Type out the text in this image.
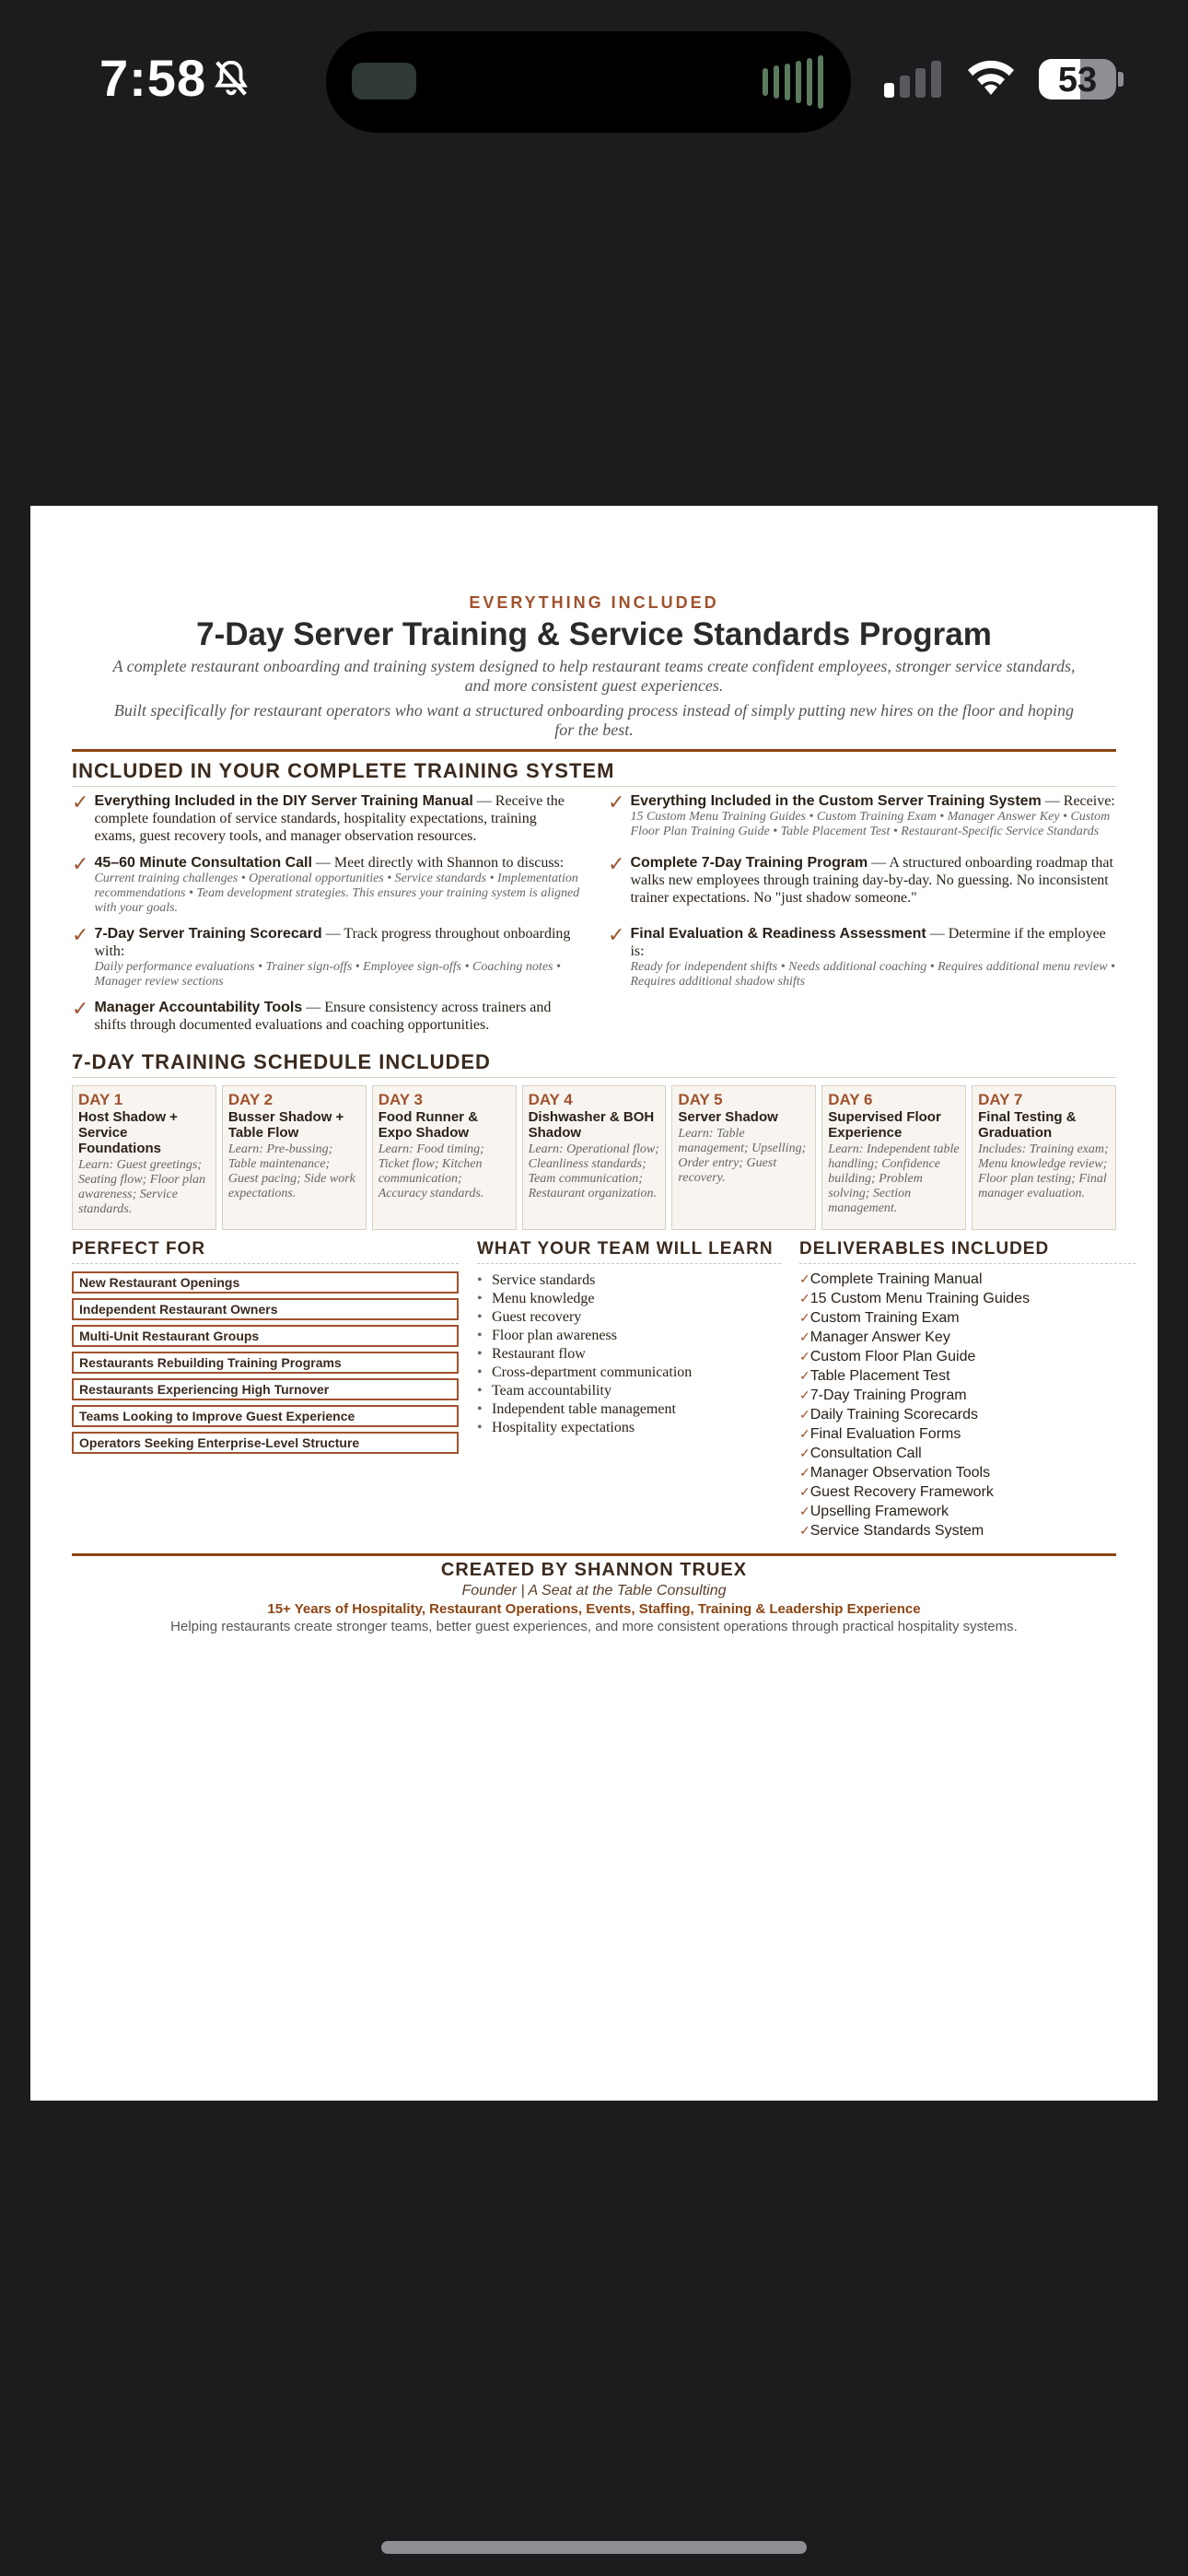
7:58	53
EVERYTHING INCLUDED
7-Day Server Training & Service Standards Program
A complete restaurant onboarding and training system designed to help restaurant teams create confident employees, stronger service standards, and more consistent guest experiences.
Built specifically for restaurant operators who want a structured onboarding process instead of simply putting new hires on the floor and hoping for the best.
INCLUDED IN YOUR COMPLETE TRAINING SYSTEM
✓ Everything Included in the DIY Server Training Manual — Receive the complete foundation of service standards, hospitality expectations, training exams, guest recovery tools, and manager observation resources.
✓ Everything Included in the Custom Server Training System — Receive:
15 Custom Menu Training Guides • Custom Training Exam • Manager Answer Key • Custom Floor Plan Training Guide • Table Placement Test • Restaurant-Specific Service Standards
✓ 45–60 Minute Consultation Call — Meet directly with Shannon to discuss:
Current training challenges • Operational opportunities • Service standards • Implementation recommendations • Team development strategies. This ensures your training system is aligned with your goals.
✓ Complete 7-Day Training Program — A structured onboarding roadmap that walks new employees through training day-by-day. No guessing. No inconsistent trainer expectations. No "just shadow someone."
✓ 7-Day Server Training Scorecard — Track progress throughout onboarding with:
Daily performance evaluations • Trainer sign-offs • Employee sign-offs • Coaching notes • Manager review sections
✓ Final Evaluation & Readiness Assessment — Determine if the employee is:
Ready for independent shifts • Needs additional coaching • Requires additional menu review • Requires additional shadow shifts
✓ Manager Accountability Tools — Ensure consistency across trainers and shifts through documented evaluations and coaching opportunities.
7-DAY TRAINING SCHEDULE INCLUDED
DAY 1
Host Shadow + Service Foundations
Learn: Guest greetings; Seating flow; Floor plan awareness; Service standards.
DAY 2
Busser Shadow + Table Flow
Learn: Pre-bussing; Table maintenance; Guest pacing; Side work expectations.
DAY 3
Food Runner & Expo Shadow
Learn: Food timing; Ticket flow; Kitchen communication; Accuracy standards.
DAY 4
Dishwasher & BOH Shadow
Learn: Operational flow; Cleanliness standards; Team communication; Restaurant organization.
DAY 5
Server Shadow
Learn: Table management; Upselling; Order entry; Guest recovery.
DAY 6
Supervised Floor Experience
Learn: Independent table handling; Confidence building; Problem solving; Section management.
DAY 7
Final Testing & Graduation
Includes: Training exam; Menu knowledge review; Floor plan testing; Final manager evaluation.
PERFECT FOR
New Restaurant Openings
Independent Restaurant Owners
Multi-Unit Restaurant Groups
Restaurants Rebuilding Training Programs
Restaurants Experiencing High Turnover
Teams Looking to Improve Guest Experience
Operators Seeking Enterprise-Level Structure
WHAT YOUR TEAM WILL LEARN
• Service standards
• Menu knowledge
• Guest recovery
• Floor plan awareness
• Restaurant flow
• Cross-department communication
• Team accountability
• Independent table management
• Hospitality expectations
DELIVERABLES INCLUDED
✓Complete Training Manual
✓15 Custom Menu Training Guides
✓Custom Training Exam
✓Manager Answer Key
✓Custom Floor Plan Guide
✓Table Placement Test
✓7-Day Training Program
✓Daily Training Scorecards
✓Final Evaluation Forms
✓Consultation Call
✓Manager Observation Tools
✓Guest Recovery Framework
✓Upselling Framework
✓Service Standards System
CREATED BY SHANNON TRUEX
Founder | A Seat at the Table Consulting
15+ Years of Hospitality, Restaurant Operations, Events, Staffing, Training & Leadership Experience
Helping restaurants create stronger teams, better guest experiences, and more consistent operations through practical hospitality systems.
